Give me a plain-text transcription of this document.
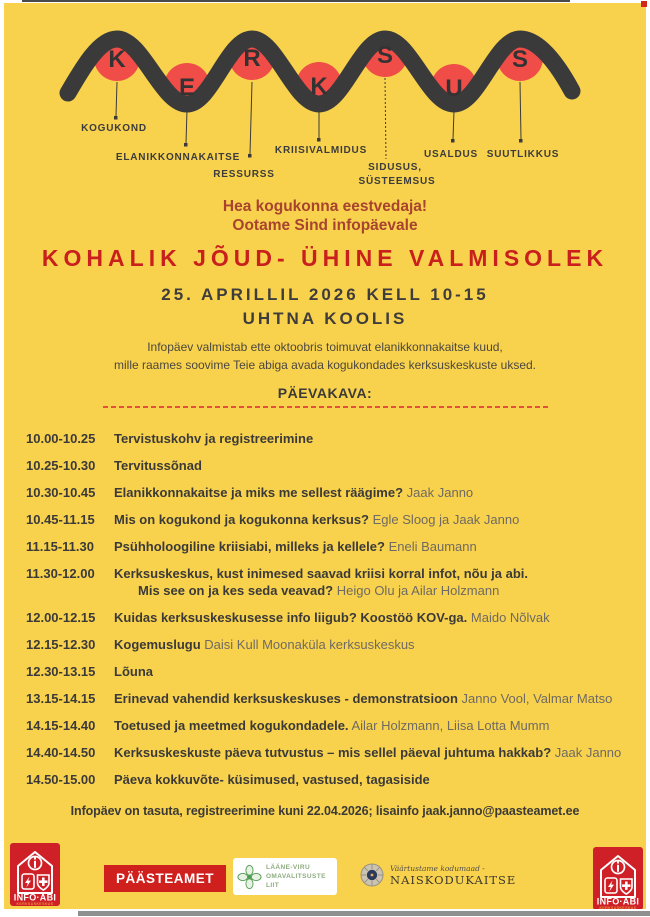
K
E
R
K
S
U
S
KOGUKOND
ELANIKKONNAKAITSE
RESSURSS
KRIISIVALMIDUS
SIDUSUS,
SÜSTEEMSUS
USALDUS SUUTLIKKUS
Hea kogukonna eestvedaja!
Ootame Sind infopäevale
KOHALIK JÕUD- ÜHINE VALMISOLEK
25. APRILLIL 2026 KELL 10-15
UHTNA KOOLIS
Infopäev valmistab ette oktoobris toimuvat elanikkonnakaitse kuud,
mille raames soovime Teie abiga avada kogukondades kerksuskeskuste uksed.
PÄEVAKAVA:
10.00-10.25	Tervistuskohv ja registreerimine
10.25-10.30	Tervitussõnad
10.30-10.45	Elanikkonnakaitse ja miks me sellest räägime? Jaak Janno
10.45-11.15	Mis on kogukond ja kogukonna kerksus? Egle Sloog ja Jaak Janno
11.15-11.30	Psühholoogiline kriisiabi, milleks ja kellele? Eneli Baumann
11.30-12.00	Kerksuskeskus, kust inimesed saavad kriisi korral infot, nõu ja abi.
Mis see on ja kes seda veavad? Heigo Olu ja Ailar Holzmann
12.00-12.15	Kuidas kerksuskeskusesse info liigub? Koostöö KOV-ga. Maido Nõlvak
12.15-12.30	Kogemuslugu Daisi Kull Moonaküla kerksuskeskus
12.30-13.15	Lõuna
13.15-14.15	Erinevad vahendid kerksuskeskuses - demonstratsioon Janno Vool, Valmar Matso
14.15-14.40	Toetused ja meetmed kogukondadele. Ailar Holzmann, Liisa Lotta Mumm
14.40-14.50	Kerksuskeskuste päeva tutvustus – mis sellel päeval juhtuma hakkab? Jaak Janno
14.50-15.00	Päeva kokkuvõte- küsimused, vastused, tagasiside
Infopäev on tasuta, registreerimine kuni 22.04.2026; lisainfo jaak.janno@paasteamet.ee
INFO·ABI
KERKSUSKESKUS
PÄÄSTEAMET
LÄÄNE-VIRU
OMAVALITSUSTE LIIT
Väärtustame kodumaad -
NAISKODUKAITSE
INFO·ABI
KERKSUSKESKUS
